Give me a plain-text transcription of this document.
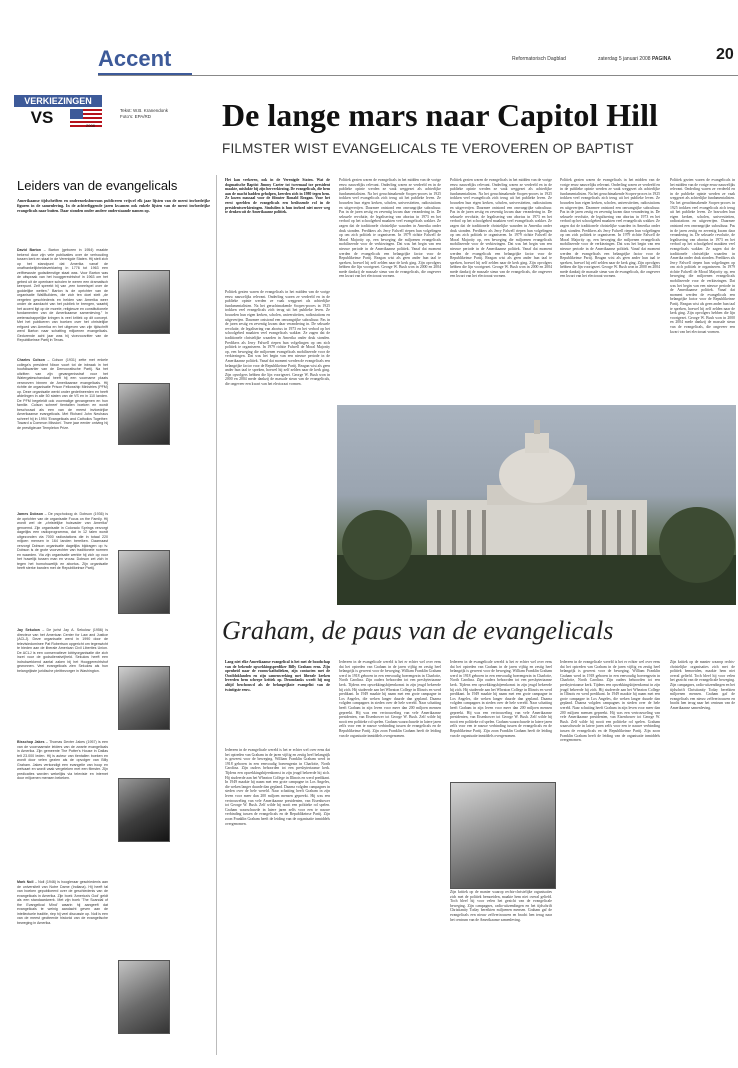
Accent	Reformatorisch Dagblad	zaterdag 5 januari 2008 PAGINA	20
VERKIEZINGEN
VS	2008
Tekst: W.B. Kranendonk
Foto's: EPA/RD	De lange mars naar Capitol Hill
FILMSTER WIST EVANGELICALS TE VEROVEREN OP BAPTIST
Leiders van de evangelicals
Amerikaanse tijdschriften en onderzoeksbureaus publiceren vrijwel elk jaar lijsten van de meest invloedrijke figuren in de samenleving. In de achterliggende jaren kwamen ook enkele lijsten van de meest invloedrijke evangelicals naar buiten. Daar stonden onder andere onderstaande namen op.
David Barton – Barton (geboren in 1954) maakte bekend door zijn vele publicaties over de verhouding tussen kerk en staat in de Verenigde Staten. Hij stelt zich op het standpunt dat Amerika vanaf de onafhankelijkheidsverklaring in 1776 tot 1963 een zelfbewuste godsdienstige staat was. Voor Barton was de uitspraak van het hooggerechtshof in 1963 om het gebed uit de openbare scholen te weren een dramatisch keerpunt. Zelf spreekt hij van „een toneelspel over de goddelijke wetten.” Barton is de oprichter van de organisatie WallBuilders, die zich ten doel stelt „de vergeten geschiedenis en helden van Amerika weer onder de aandacht van het publiek te brengen, waarbij het accent ligt op de morele, religieuze en constitutionele fundamenten van de Amerikaanse samenleving.” In wetenschappelijke kringen is veel kritiek op dit concept. Met het publiceren van boeken over het christelijke erfgoed van Amerika en het uitgeven van zijn tijdschrift werd Barton naar schatting miljoenen evangelicals. Gedurende acht jaar was hij vicevoorzitter van de Republikeinse Partij in Texas.
Charles Colson – Colson (1931) zette met enkele collega's president Nixon voort tot de inbraak in het hoofdkwartier van de Democratische Partij. Na het uitzitten van zijn gevangenisstraf voor het Watergateschandaal heeft hij een voorname plaats verworven binnen de Amerikaanse evangelicals. Hij richtte de organisatie Prison Fellowship Ministries (PFM) op. Deze organisatie werkt onder gedetineerden en heeft afdelingen in alle 50 staten van de VS en in 110 landen. De PFM begeleidt ook voormalige gevangenen en hun familie. Colson schreef tientallen boeken en wordt beschouwd als een van de meest invloedrijke Amerikaanse evangelicals. Met Richard John Neuhaus schreef hij in 1994 'Evangelicals and Catholics Together: Toward a Common Mission'. Twee jaar eerder ontving hij de prestigieuze Templeton Prize.
James Dobson – De psycholoog dr. Dobson (1936) is de oprichter van de organisatie Focus on the Family. Hij wordt wel de „christelijke huisvader van Amerika” genoemd. Zijn organisatie in Colorado Springs verzorgt dagelijks een radioprogramma, dat in 12 talen wordt uitgezonden via 7000 radiostations die in totaal 220 miljoen mensen in 164 landen bereiken. Daarnaast verzorgt Dobson organisatie dagelijks bijdragen op tv. Dobson is de grote voorvechter van traditionele normen en waarden. Via zijn organisatie werkte hij zich op voor het huwelijk tussen man en vrouw. Dobson zet zich in tegen het homohuwelijk en abortus. Zijn organisatie heeft sterke banden met de Republikeinse Partij.
Jay Sekulow – De jurist Jay A. Sekulow (1956) is directeur van het American Center for Law and Justice (ACLJ). Deze organisatie werd in 1990 door de televisiedominee Pat Robertson opgericht om tegenwicht te bieden aan de liberale American Civil Liberties Union. De ACLJ is een conservatieve lobbyorganisatie die zich inzet voor de godsdienstvrijheid. Sekulow heeft een indrukwekkend aantal zaken bij het Hooggerechtshof gewonnen. Veel evangelicals zien Sekulow als hun belangrijkste juridische pleitbezorger in Washington.
Bisschop Jakes – Thomas Dexter Jakes (1957) is een van de voornaamste leiders van de zwarte evangelicals in Amerika. Zijn gemeente The Potter's House in Dallas telt 23.000 leden. Hij is auteur van tientallen boeken en wordt door velen gezien als de opvolger van Billy Graham. Jakes verkondigt een evangelie van hoop en welvaart en wordt vaak vergeleken met een filmster. Zijn predicaties worden wekelijks via televisie en internet door miljoenen mensen bekeken.
Mark Noll – Noll (1946) is hoogleraar geschiedenis aan de universiteit van Notre Dame (Indiana). Hij heeft tal van boeken gepubliceerd over de geschiedenis van de evangelicals in Amerika. Zijn boek 'America's God' geldt als een standaardwerk. Met zijn boek 'The Scandal of the Evangelical Mind' waarin hij aangeeft dat evangelicals te weinig aandacht geven aan de intellectuele traditie, riep hij veel discussie op. Noll is een van de meest geciteerde historici van de evangelische beweging in Amerika.
Het kan verkeren, ook in de Verenigde Staten. Wat de dogmatische Baptist Jimmy Carter tot tweemaal toe president maakte, mislukte bij zijn herverkiezing. De evangelicals, die hem aan de macht hadden geholpen, keerden zich in 1980 tegen hem. Ze kozen massaal voor de filmster Ronald Reagan. Voor het eerst speelden de evangelicals een beslissende rol in de presidentsverkiezingen. Sindsdien is hun invloed niet meer weg te denken uit de Amerikaanse politiek.
Politiek gezien waren de evangelicals in het midden van de vorige eeuw nauwelijks relevant. Onderling waren ze verdeeld en in de publieke opinie werden ze vaak weggezet als achterlijke fundamentalisten. Na het geruchtmakende Scopes-proces in 1925 trokken veel evangelicals zich terug uit het publieke leven. Ze bouwden hun eigen kerken, scholen, universiteiten, radiostations en uitgeverijen. Daarmee ontstond een omvangrijke subcultuur. Pas in de jaren zestig en zeventig kwam daar verandering in. De seksuele revolutie, de legalisering van abortus in 1973 en het verbod op het schoolgebed maakten veel evangelicals wakker. Ze zagen dat de traditionele christelijke waarden in Amerika onder druk stonden. Predikers als Jerry Falwell riepen hun volgelingen op om zich politiek te organiseren. In 1979 richtte Falwell de Moral Majority op, een beweging die miljoenen evangelicals mobiliseerde voor de verkiezingen. Dat was het begin van een nieuwe periode in de Amerikaanse politiek. Vanaf dat moment werden de evangelicals een belangrijke factor voor de Republikeinse Partij. Reagan wist als geen ander hun taal te spreken, hoewel hij zelf zelden naar de kerk ging. Zijn opvolgers hebben die lijn voortgezet. George W. Bush won in 2000 en 2004 mede dankzij de massale steun van de evangelicals, die ongeveer een kwart van het electoraat vormen.
Politiek gezien waren de evangelicals in het midden van de vorige eeuw nauwelijks relevant. Onderling waren ze verdeeld en in de publieke opinie werden ze vaak weggezet als achterlijke fundamentalisten. Na het geruchtmakende Scopes-proces in 1925 trokken veel evangelicals zich terug uit het publieke leven. Ze bouwden hun eigen kerken, scholen, universiteiten, radiostations en uitgeverijen. Daarmee ontstond een omvangrijke subcultuur. Pas in de jaren zestig en zeventig kwam daar verandering in. De seksuele revolutie, de legalisering van abortus in 1973 en het verbod op het schoolgebed maakten veel evangelicals wakker. Ze zagen dat de traditionele christelijke waarden in Amerika onder druk stonden. Predikers als Jerry Falwell riepen hun volgelingen op om zich politiek te organiseren. In 1979 richtte Falwell de Moral Majority op, een beweging die miljoenen evangelicals mobiliseerde voor de verkiezingen. Dat was het begin van een nieuwe periode in de Amerikaanse politiek. Vanaf dat moment werden de evangelicals een belangrijke factor voor de Republikeinse Partij. Reagan wist als geen ander hun taal te spreken, hoewel hij zelf zelden naar de kerk ging. Zijn opvolgers hebben die lijn voortgezet. George W. Bush won in 2000 en 2004 mede dankzij de massale steun van de evangelicals, die ongeveer een kwart van het electoraat vormen.
Politiek gezien waren de evangelicals in het midden van de vorige eeuw nauwelijks relevant. Onderling waren ze verdeeld en in de publieke opinie werden ze vaak weggezet als achterlijke fundamentalisten. Na het geruchtmakende Scopes-proces in 1925 trokken veel evangelicals zich terug uit het publieke leven. Ze bouwden hun eigen kerken, scholen, universiteiten, radiostations en uitgeverijen. Daarmee ontstond een omvangrijke subcultuur. Pas in de jaren zestig en zeventig kwam daar verandering in. De seksuele revolutie, de legalisering van abortus in 1973 en het verbod op het schoolgebed maakten veel evangelicals wakker. Ze zagen dat de traditionele christelijke waarden in Amerika onder druk stonden. Predikers als Jerry Falwell riepen hun volgelingen op om zich politiek te organiseren. In 1979 richtte Falwell de Moral Majority op, een beweging die miljoenen evangelicals mobiliseerde voor de verkiezingen. Dat was het begin van een nieuwe periode in de Amerikaanse politiek. Vanaf dat moment werden de evangelicals een belangrijke factor voor de Republikeinse Partij. Reagan wist als geen ander hun taal te spreken, hoewel hij zelf zelden naar de kerk ging. Zijn opvolgers hebben die lijn voortgezet. George W. Bush won in 2000 en 2004 mede dankzij de massale steun van de evangelicals, die ongeveer een kwart van het electoraat vormen.
Politiek gezien waren de evangelicals in het midden van de vorige eeuw nauwelijks relevant. Onderling waren ze verdeeld en in de publieke opinie werden ze vaak weggezet als achterlijke fundamentalisten. Na het geruchtmakende Scopes-proces in 1925 trokken veel evangelicals zich terug uit het publieke leven. Ze bouwden hun eigen kerken, scholen, universiteiten, radiostations en uitgeverijen. Daarmee ontstond een omvangrijke subcultuur. Pas in de jaren zestig en zeventig kwam daar verandering in. De seksuele revolutie, de legalisering van abortus in 1973 en het verbod op het schoolgebed maakten veel evangelicals wakker. Ze zagen dat de traditionele christelijke waarden in Amerika onder druk stonden. Predikers als Jerry Falwell riepen hun volgelingen op om zich politiek te organiseren. In 1979 richtte Falwell de Moral Majority op, een beweging die miljoenen evangelicals mobiliseerde voor de verkiezingen. Dat was het begin van een nieuwe periode in de Amerikaanse politiek. Vanaf dat moment werden de evangelicals een belangrijke factor voor de Republikeinse Partij. Reagan wist als geen ander hun taal te spreken, hoewel hij zelf zelden naar de kerk ging. Zijn opvolgers hebben die lijn voortgezet. George W. Bush won in 2000 en 2004 mede dankzij de massale steun van de evangelicals, die ongeveer een kwart van het electoraat vormen.
Politiek gezien waren de evangelicals in het midden van de vorige eeuw nauwelijks relevant. Onderling waren ze verdeeld en in de publieke opinie werden ze vaak weggezet als achterlijke fundamentalisten. Na het geruchtmakende Scopes-proces in 1925 trokken veel evangelicals zich terug uit het publieke leven. Ze bouwden hun eigen kerken, scholen, universiteiten, radiostations en uitgeverijen. Daarmee ontstond een omvangrijke subcultuur. Pas in de jaren zestig en zeventig kwam daar verandering in. De seksuele revolutie, de legalisering van abortus in 1973 en het verbod op het schoolgebed maakten veel evangelicals wakker. Ze zagen dat de traditionele christelijke waarden in Amerika onder druk stonden. Predikers als Jerry Falwell riepen hun volgelingen op om zich politiek te organiseren. In 1979 richtte Falwell de Moral Majority op, een beweging die miljoenen evangelicals mobiliseerde voor de verkiezingen. Dat was het begin van een nieuwe periode in de Amerikaanse politiek. Vanaf dat moment werden de evangelicals een belangrijke factor voor de Republikeinse Partij. Reagan wist als geen ander hun taal te spreken, hoewel hij zelf zelden naar de kerk ging. Zijn opvolgers hebben die lijn voortgezet. George W. Bush won in 2000 en 2004 mede dankzij de massale steun van de evangelicals, die ongeveer een kwart van het electoraat vormen.
Graham, de paus van de evangelicals
Lang niet elke Amerikaanse evangelical is het met de boodschap van de bekende opwekkingsprediker Billy Graham eens. Zijn openheid naar de rooms-katholieken, zijn contacten met de Oostbloklanden en zijn samenwerking met liberale kerken leverden hem scherpe kritiek op. Desondanks wordt hij nog altijd beschouwd als de belangrijkste evangelist van de twintigste eeuw.
Iedereen in de evangelicale wereld is het er echter wel over eens dat het optreden van Graham in de jaren vijftig en zestig heel belangrijk is geweest voor de beweging. William Franklin Graham werd in 1918 geboren in een eenvoudig boerengezin in Charlotte, North Carolina. Zijn ouders behoorden tot een presbyteriaanse kerk. Tijdens een opwekkingsbijeenkomst in zijn jeugd bekeerde hij zich. Hij studeerde aan het Wheaton College in Illinois en werd predikant. In 1949 maakte hij naam met een grote campagne in Los Angeles, die weken langer duurde dan gepland. Daarna volgden campagnes in steden over de hele wereld. Naar schatting heeft Graham in zijn leven voor meer dan 200 miljoen mensen gepreekt. Hij was een vertrouweling van vele Amerikaanse presidenten, van Eisenhower tot George W. Bush. Zelf wilde hij nooit een politieke rol spelen. Graham waarschuwde in latere jaren zelfs voor een te nauwe verbinding tussen de evangelicals en de Republikeinse Partij. Zijn zoon Franklin Graham heeft de leiding van de organisatie inmiddels overgenomen.
Iedereen in de evangelicale wereld is het er echter wel over eens dat het optreden van Graham in de jaren vijftig en zestig heel belangrijk is geweest voor de beweging. William Franklin Graham werd in 1918 geboren in een eenvoudig boerengezin in Charlotte, North Carolina. Zijn ouders behoorden tot een presbyteriaanse kerk. Tijdens een opwekkingsbijeenkomst in zijn jeugd bekeerde hij zich. Hij studeerde aan het Wheaton College in Illinois en werd predikant. In 1949 maakte hij naam met een grote campagne in Los Angeles, die weken langer duurde dan gepland. Daarna volgden campagnes in steden over de hele wereld. Naar schatting heeft Graham in zijn leven voor meer dan 200 miljoen mensen gepreekt. Hij was een vertrouweling van vele Amerikaanse presidenten, van Eisenhower tot George W. Bush. Zelf wilde hij nooit een politieke rol spelen. Graham waarschuwde in latere jaren zelfs voor een te nauwe verbinding tussen de evangelicals en de Republikeinse Partij. Zijn zoon Franklin Graham heeft de leiding van de organisatie inmiddels overgenomen.
Iedereen in de evangelicale wereld is het er echter wel over eens dat het optreden van Graham in de jaren vijftig en zestig heel belangrijk is geweest voor de beweging. William Franklin Graham werd in 1918 geboren in een eenvoudig boerengezin in Charlotte, North Carolina. Zijn ouders behoorden tot een presbyteriaanse kerk. Tijdens een opwekkingsbijeenkomst in zijn jeugd bekeerde hij zich. Hij studeerde aan het Wheaton College in Illinois en werd predikant. In 1949 maakte hij naam met een grote campagne in Los Angeles, die weken langer duurde dan gepland. Daarna volgden campagnes in steden over de hele wereld. Naar schatting heeft Graham in zijn leven voor meer dan 200 miljoen mensen gepreekt. Hij was een vertrouweling van vele Amerikaanse presidenten, van Eisenhower tot George W. Bush. Zelf wilde hij nooit een politieke rol spelen. Graham waarschuwde in latere jaren zelfs voor een te nauwe verbinding tussen de evangelicals en de Republikeinse Partij. Zijn zoon Franklin Graham heeft de leiding van de organisatie inmiddels overgenomen.
Zijn kritiek op de manier waarop rechts-christelijke organisaties zich met de politiek bemoeiden, maakte hem niet overal geliefd. Toch bleef hij voor velen het gezicht van de evangelicale beweging. Zijn campagnes, radio-uitzendingen en het tijdschrift Christianity Today bereikten miljoenen mensen. Graham gaf de evangelicals een nieuw zelfvertrouwen en bracht hen terug naar het centrum van de Amerikaanse samenleving.
Iedereen in de evangelicale wereld is het er echter wel over eens dat het optreden van Graham in de jaren vijftig en zestig heel belangrijk is geweest voor de beweging. William Franklin Graham werd in 1918 geboren in een eenvoudig boerengezin in Charlotte, North Carolina. Zijn ouders behoorden tot een presbyteriaanse kerk. Tijdens een opwekkingsbijeenkomst in zijn jeugd bekeerde hij zich. Hij studeerde aan het Wheaton College in Illinois en werd predikant. In 1949 maakte hij naam met een grote campagne in Los Angeles, die weken langer duurde dan gepland. Daarna volgden campagnes in steden over de hele wereld. Naar schatting heeft Graham in zijn leven voor meer dan 200 miljoen mensen gepreekt. Hij was een vertrouweling van vele Amerikaanse presidenten, van Eisenhower tot George W. Bush. Zelf wilde hij nooit een politieke rol spelen. Graham waarschuwde in latere jaren zelfs voor een te nauwe verbinding tussen de evangelicals en de Republikeinse Partij. Zijn zoon Franklin Graham heeft de leiding van de organisatie inmiddels overgenomen.
Zijn kritiek op de manier waarop rechts-christelijke organisaties zich met de politiek bemoeiden, maakte hem niet overal geliefd. Toch bleef hij voor velen het gezicht van de evangelicale beweging. Zijn campagnes, radio-uitzendingen en het tijdschrift Christianity Today bereikten miljoenen mensen. Graham gaf de evangelicals een nieuw zelfvertrouwen en bracht hen terug naar het centrum van de Amerikaanse samenleving.
